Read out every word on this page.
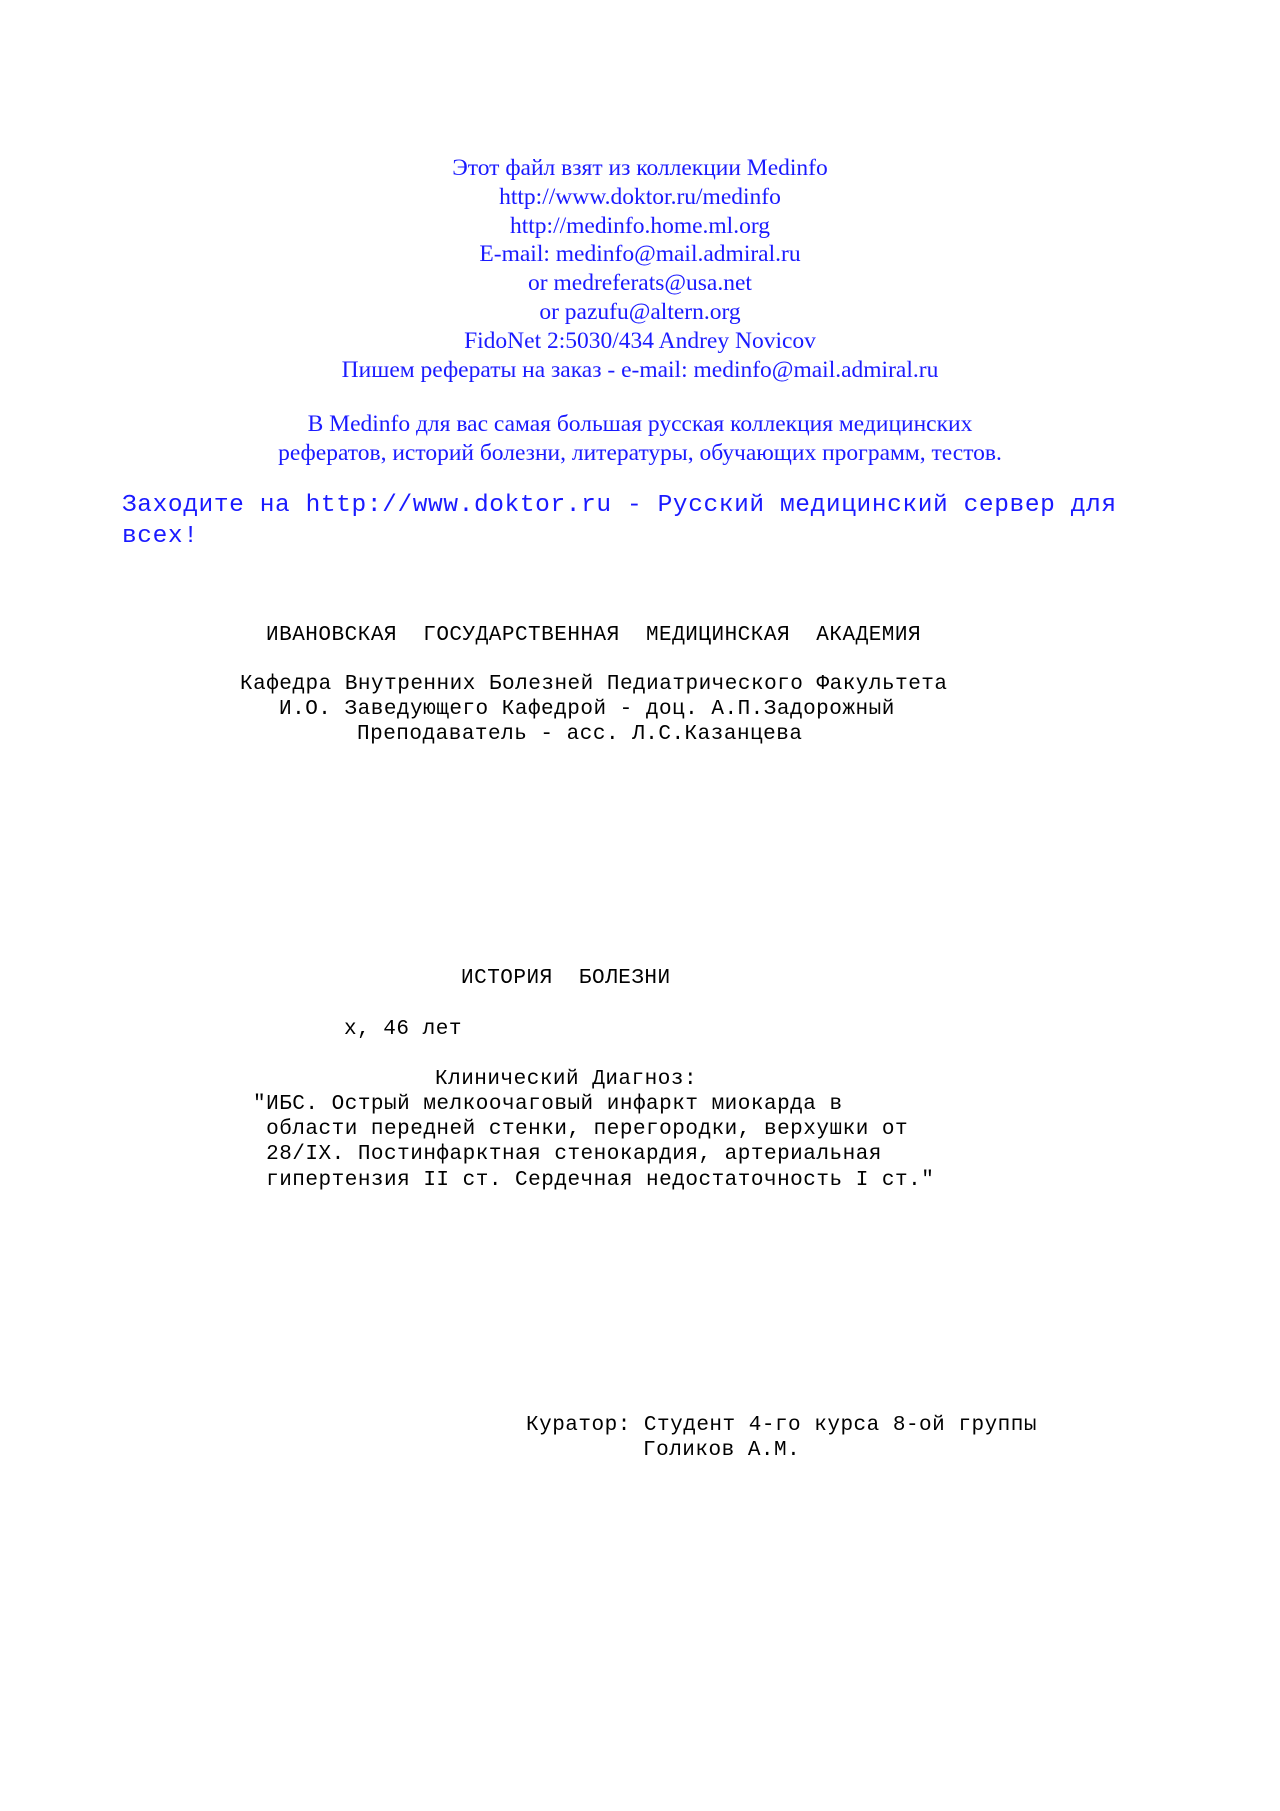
Этот файл взят из коллекции Medinfo
http://www.doktor.ru/medinfo
http://medinfo.home.ml.org
E-mail: medinfo@mail.admiral.ru
or medreferats@usa.net
or pazufu@altern.org
FidoNet 2:5030/434 Andrey Novicov
Пишем рефераты на заказ - e-mail: medinfo@mail.admiral.ru
В Medinfo для вас самая большая русская коллекция медицинских
рефератов, историй болезни, литературы, обучающих программ, тестов.
Заходите на http://www.doktor.ru - Русский медицинский сервер для всех!
ИВАНОВСКАЯ  ГОСУДАРСТВЕННАЯ  МЕДИЦИНСКАЯ  АКАДЕМИЯ
Кафедра Внутренних Болезней Педиатрического Факультета
И.О. Заведующего Кафедрой - доц. А.П.Задорожный
Преподаватель - асс. Л.С.Казанцева
ИСТОРИЯ  БОЛЕЗНИ
х, 46 лет
Клинический Диагноз:
"ИБС. Острый мелкоочаговый инфаркт миокарда в
области передней стенки, перегородки, верхушки от
28/IX. Постинфарктная стенокардия, артериальная
гипертензия II ст. Сердечная недостаточность I ст."
Куратор: Студент 4-го курса 8-ой группы
Голиков А.М.
